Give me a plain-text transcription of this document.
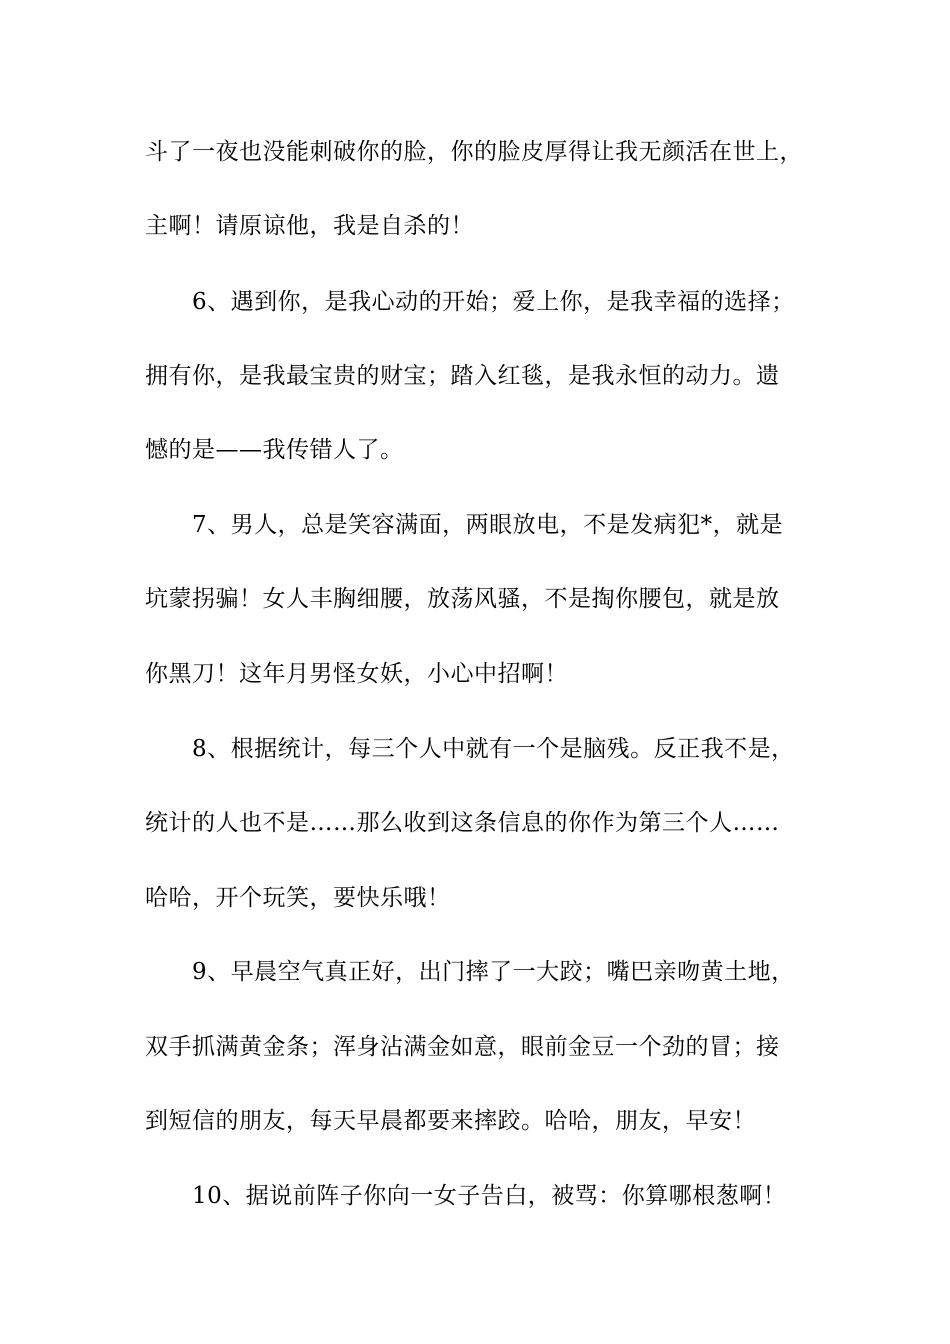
斗了一夜也没能刺破你的脸，你的脸皮厚得让我无颜活在世上，
主啊！请原谅他，我是自杀的！
6、遇到你，是我心动的开始；爱上你，是我幸福的选择；
拥有你，是我最宝贵的财宝；踏入红毯，是我永恒的动力。遗
憾的是——我传错人了。
7、男人，总是笑容满面，两眼放电，不是发病犯*，就是
坑蒙拐骗！女人丰胸细腰，放荡风骚，不是掏你腰包，就是放
你黑刀！这年月男怪女妖，小心中招啊！
8、根据统计，每三个人中就有一个是脑残。反正我不是，
统计的人也不是……那么收到这条信息的你作为第三个人……
哈哈，开个玩笑，要快乐哦！
9、早晨空气真正好，出门摔了一大跤；嘴巴亲吻黄土地，
双手抓满黄金条；浑身沾满金如意，眼前金豆一个劲的冒；接
到短信的朋友，每天早晨都要来摔跤。哈哈，朋友，早安！
10、据说前阵子你向一女子告白，被骂：你算哪根葱啊！
